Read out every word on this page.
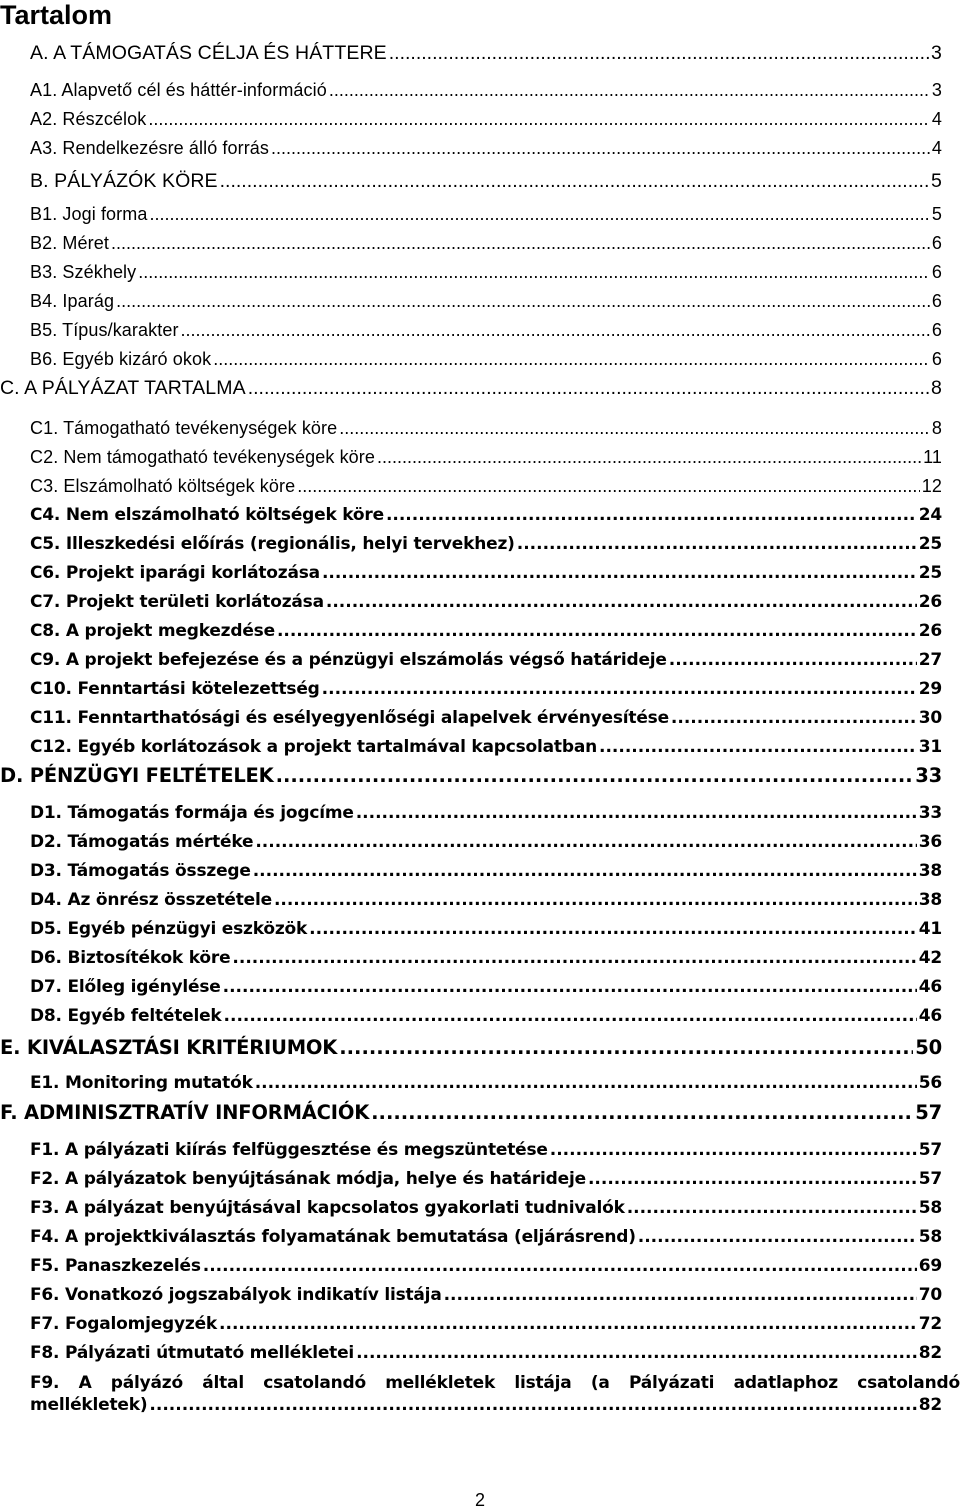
Tartalom
A. A TÁMOGATÁS CÉLJA ÉS HÁTTERE .....	3
A1. Alapvető cél és háttér-információ .....	3
A2. Részcélok .....	4
A3. Rendelkezésre álló forrás .....	4
B. PÁLYÁZÓK KÖRE .....	5
B1. Jogi forma .....	5
B2. Méret .....	6
B3. Székhely .....	6
B4. Iparág .....	6
B5. Típus/karakter .....	6
B6. Egyéb kizáró okok .....	6
C. A PÁLYÁZAT TARTALMA .....	8
C1. Támogatható tevékenységek köre .....	8
C2. Nem támogatható tevékenységek köre .....	11
C3. Elszámolható költségek köre .....	12
C4. Nem elszámolható költségek köre .....	24
C5. Illeszkedési előírás (regionális, helyi tervekhez) .....	25
C6. Projekt iparági korlátozása .....	25
C7. Projekt területi korlátozása .....	26
C8. A projekt megkezdése .....	26
C9. A projekt befejezése és a pénzügyi elszámolás végső határideje .....	27
C10. Fenntartási kötelezettség .....	29
C11. Fenntarthatósági és esélyegyenlőségi alapelvek érvényesítése .....	30
C12. Egyéb korlátozások a projekt tartalmával kapcsolatban .....	31
D. PÉNZÜGYI FELTÉTELEK .....	33
D1. Támogatás formája és jogcíme .....	33
D2. Támogatás mértéke .....	36
D3. Támogatás összege .....	38
D4. Az önrész összetétele .....	38
D5. Egyéb pénzügyi eszközök .....	41
D6. Biztosítékok köre .....	42
D7. Előleg igénylése .....	46
D8. Egyéb feltételek .....	46
E. KIVÁLASZTÁSI KRITÉRIUMOK .....	50
E1. Monitoring mutatók .....	56
F. ADMINISZTRATÍV INFORMÁCIÓK .....	57
F1. A pályázati kiírás felfüggesztése és megszüntetése .....	57
F2. A pályázatok benyújtásának módja, helye és határideje .....	57
F3. A pályázat benyújtásával kapcsolatos gyakorlati tudnivalók .....	58
F4. A projektkiválasztás folyamatának bemutatása (eljárásrend) .....	58
F5. Panaszkezelés .....	69
F6. Vonatkozó jogszabályok indikatív listája .....	70
F7. Fogalomjegyzék .....	72
F8. Pályázati útmutató mellékletei .....	82
F9. A pályázó által csatolandó mellékletek listája (a Pályázati adatlaphoz csatolandó
mellékletek) .....	82
2
